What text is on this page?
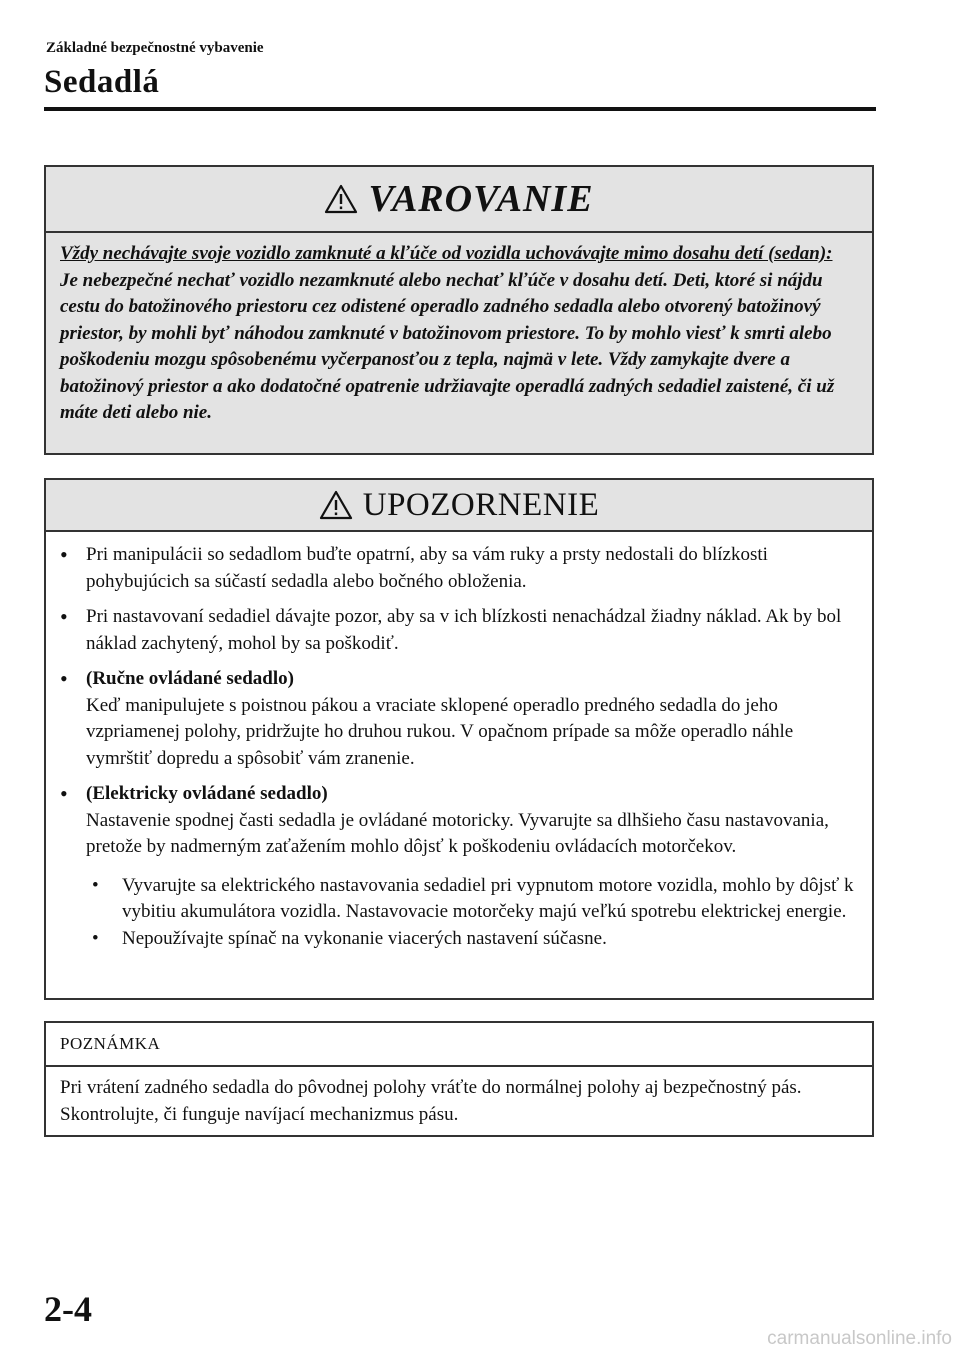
Základné bezpečnostné vybavenie
Sedadlá
VAROVANIE
Vždy nechávajte svoje vozidlo zamknuté a kľúče od vozidla uchovávajte mimo dosahu detí (sedan):
Je nebezpečné nechať vozidlo nezamknuté alebo nechať kľúče v dosahu detí. Deti, ktoré si nájdu cestu do batožinového priestoru cez odistené operadlo zadného sedadla alebo otvorený batožinový priestor, by mohli byť náhodou zamknuté v batožinovom priestore. To by mohlo viesť k smrti alebo poškodeniu mozgu spôsobenému vyčerpanosťou z tepla, najmä v lete. Vždy zamykajte dvere a batožinový priestor a ako dodatočné opatrenie udržiavajte operadlá zadných sedadiel zaistené, či už máte deti alebo nie.
UPOZORNENIE
• Pri manipulácii so sedadlom buďte opatrní, aby sa vám ruky a prsty nedostali do blízkosti pohybujúcich sa súčastí sedadla alebo bočného obloženia.
• Pri nastavovaní sedadiel dávajte pozor, aby sa v ich blízkosti nenachádzal žiadny náklad. Ak by bol náklad zachytený, mohol by sa poškodiť.
• (Ručne ovládané sedadlo)
Keď manipulujete s poistnou pákou a vraciate sklopené operadlo predného sedadla do jeho vzpriamenej polohy, pridržujte ho druhou rukou. V opačnom prípade sa môže operadlo náhle vymrštiť dopredu a spôsobiť vám zranenie.
• (Elektricky ovládané sedadlo)
Nastavenie spodnej časti sedadla je ovládané motoricky. Vyvarujte sa dlhšieho času nastavovania, pretože by nadmerným zaťažením mohlo dôjsť k poškodeniu ovládacích motorčekov.
• Vyvarujte sa elektrického nastavovania sedadiel pri vypnutom motore vozidla, mohlo by dôjsť k vybitiu akumulátora vozidla. Nastavovacie motorčeky majú veľkú spotrebu elektrickej energie.
• Nepoužívajte spínač na vykonanie viacerých nastavení súčasne.
POZNÁMKA
Pri vrátení zadného sedadla do pôvodnej polohy vráťte do normálnej polohy aj bezpečnostný pás. Skontrolujte, či funguje navíjací mechanizmus pásu.
2-4
carmanualsonline.info
